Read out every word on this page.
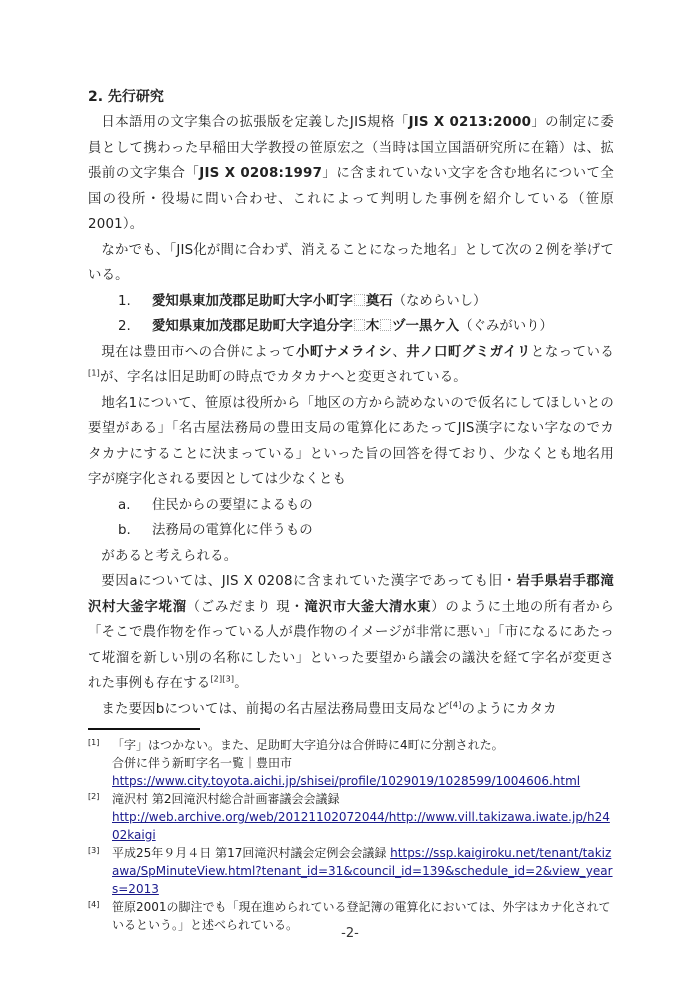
2. 先行研究

日本語用の文字集合の拡張版を定義したJIS規格「JIS X 0213:2000」の制定に委員として携わった早稲田大学教授の笹原宏之（当時は国立国語研究所に在籍）は、拡張前の文字集合「JIS X 0208:1997」に含まれていない文字を含む地名について全国の役所・役場に問い合わせ、これによって判明した事例を紹介している（笹原2001）。

なかでも、「JIS化が間に合わず、消えることになった地名」として次の２例を挙げている。

1. 愛知県東加茂郡足助町大字小町字 奠石（なめらいし）
2. 愛知県東加茂郡足助町大字追分字 木 ヅ一黒ケ入（ぐみがいり）

現在は豊田市への合併によって小町ナメライシ、井ノ口町グミガイリとなっている[1]が、字名は旧足助町の時点でカタカナへと変更されている。

地名1について、笹原は役所から「地区の方から読めないので仮名にしてほしいとの要望がある」「名古屋法務局の豊田支局の電算化にあたってJIS漢字にない字なのでカタカナにすることに決まっている」といった旨の回答を得ており、少なくとも地名用字が廃字化される要因としては少なくとも

a. 住民からの要望によるもの
b. 法務局の電算化に伴うもの

があると考えられる。

要因aについては、JIS X 0208に含まれていた漢字であっても旧・岩手県岩手郡滝沢村大釜字埖溜（ごみだまり 現・滝沢市大釜大清水東）のように土地の所有者から「そこで農作物を作っている人が農作物のイメージが非常に悪い」「市になるにあたって埖溜を新しい別の名称にしたい」といった要望から議会の議決を経て字名が変更された事例も存在する[2][3]。

また要因bについては、前掲の名古屋法務局豊田支局など[4]のようにカタカ

[1]	「字」はつかない。また、足助町大字追分は合併時に4町に分割された。
合併に伴う新町字名一覧｜豊田市
https://www.city.toyota.aichi.jp/shisei/profile/1029019/1028599/1004606.html
[2]	滝沢村 第2回滝沢村総合計画審議会会議録
http://web.archive.org/web/20121102072044/http://www.vill.takizawa.iwate.jp/h2402kaigi
[3]	平成25年９月４日 第17回滝沢村議会定例会会議録 https://ssp.kaigiroku.net/tenant/takizawa/SpMinuteView.html?tenant_id=31&council_id=139&schedule_id=2&view_years=2013
[4]	笹原2001の脚注でも「現在進められている登記簿の電算化においては、外字はカナ化されているという。」と述べられている。
-2-
